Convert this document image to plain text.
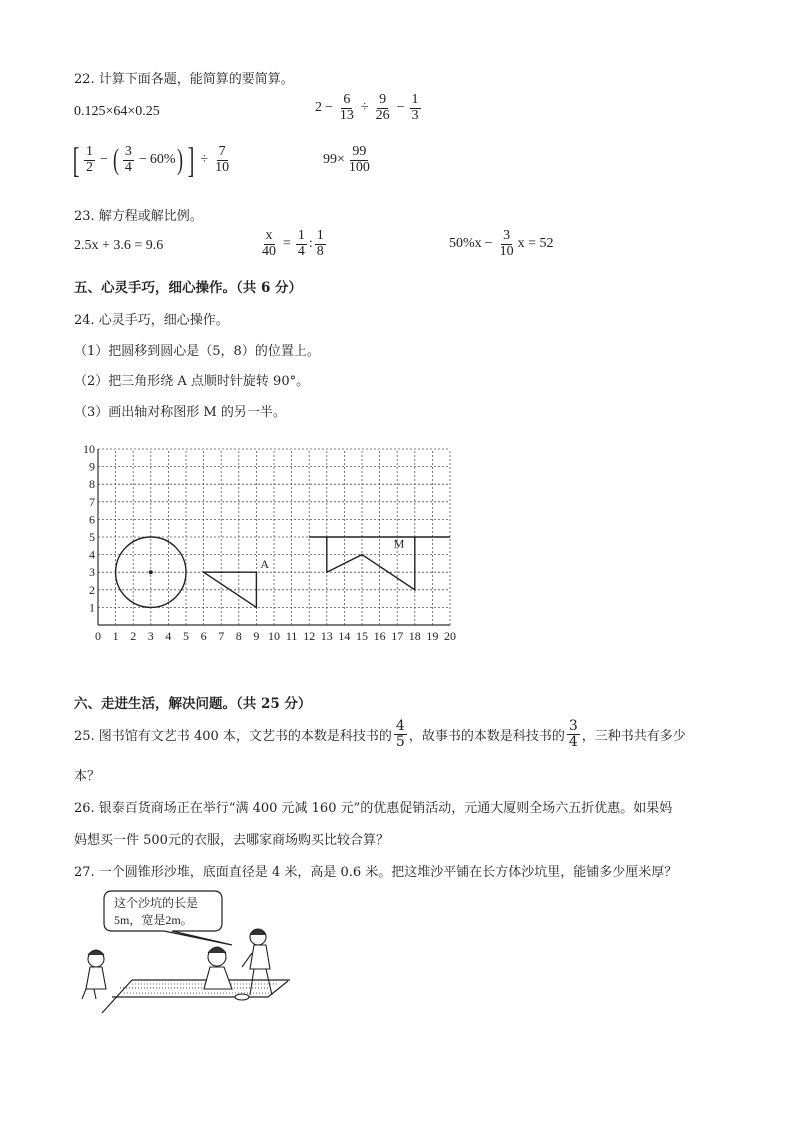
22. 计算下面各题，能简算的要简算。
0.125×64×0.25	$2 - \frac{6}{13} \div \frac{9}{26} - \frac{1}{3}$
[ $\frac{1}{2}$ − ( $\frac{3}{4} - 60\%$ ) ] ÷ $\frac{7}{10}$	$99\times \frac{99}{100}$
23. 解方程或解比例。
2.5x + 3.6 = 9.6	$\frac{x}{40} = \frac{1}{4}$ : $\frac{1}{8}$	$50\%x - \frac{3}{10}$ x = 52
五、心灵手巧，细心操作。（共 6 分）
24. 心灵手巧，细心操作。
（1）把圆移到圆心是（5，8）的位置上。
（2）把三角形绕 A 点顺时针旋转 90°。
（3）画出轴对称图形 M 的另一半。
0 1 2 3 4 5 6 7 8 9 10 11 12 13 14 15 16 17 18 19 20
1
2
3
4
5
6
7
8
9
10
A
M
六、走进生活，解决问题。（共 25 分）
25. 图书馆有文艺书 400 本，文艺书的本数是科技书的 $\frac{4}{5}$ ，故事书的本数是科技书的 $\frac{3}{4}$ ，三种书共有多少
本？
26. 银泰百货商场正在举行“满 400 元减 160 元”的优惠促销活动，元通大厦则全场六五折优惠。如果妈
妈想买一件 500元的衣服，去哪家商场购买比较合算？
27. 一个圆锥形沙堆，底面直径是 4 米，高是 0.6 米。把这堆沙平铺在长方体沙坑里，能铺多少厘米厚？
这个沙坑的长是
5m，宽是2m。
